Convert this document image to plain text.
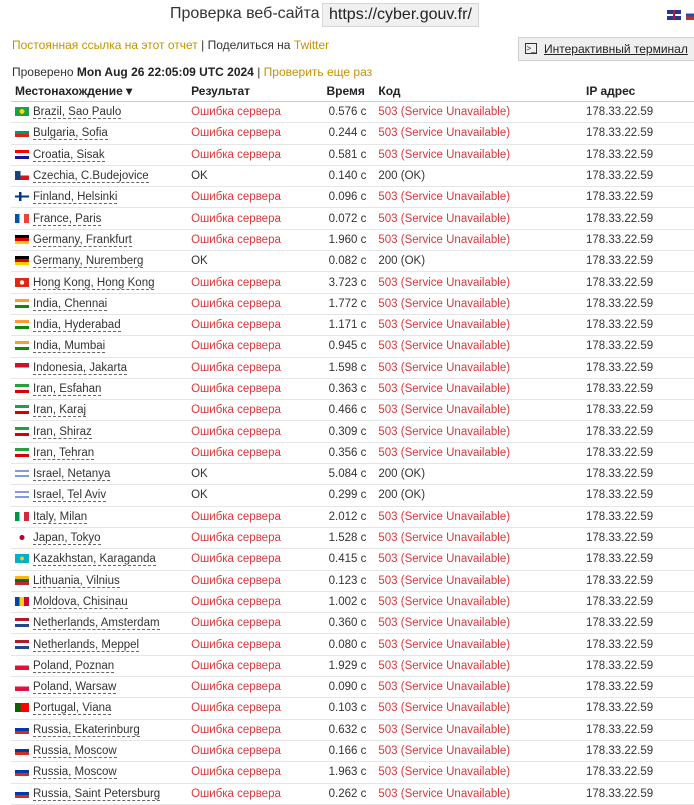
Проверка веб-сайта https://cyber.gouv.fr/
Постоянная ссылка на этот отчет | Поделиться на Twitter	>_ Интерактивный терминал
Проверено Mon Aug 26 22:05:09 UTC 2024 | Проверить еще раз
Местонахождение ▾	Результат	Время	Код	IP адрес
Brazil, Sao Paulo	Ошибка сервера	0.576 с	503 (Service Unavailable)	178.33.22.59
Bulgaria, Sofia	Ошибка сервера	0.244 с	503 (Service Unavailable)	178.33.22.59
Croatia, Sisak	Ошибка сервера	0.581 с	503 (Service Unavailable)	178.33.22.59
Czechia, C.Budejovice	OK	0.140 с	200 (OK)	178.33.22.59
Finland, Helsinki	Ошибка сервера	0.096 с	503 (Service Unavailable)	178.33.22.59
France, Paris	Ошибка сервера	0.072 с	503 (Service Unavailable)	178.33.22.59
Germany, Frankfurt	Ошибка сервера	1.960 с	503 (Service Unavailable)	178.33.22.59
Germany, Nuremberg	OK	0.082 с	200 (OK)	178.33.22.59
Hong Kong, Hong Kong	Ошибка сервера	3.723 с	503 (Service Unavailable)	178.33.22.59
India, Chennai	Ошибка сервера	1.772 с	503 (Service Unavailable)	178.33.22.59
India, Hyderabad	Ошибка сервера	1.171 с	503 (Service Unavailable)	178.33.22.59
India, Mumbai	Ошибка сервера	0.945 с	503 (Service Unavailable)	178.33.22.59
Indonesia, Jakarta	Ошибка сервера	1.598 с	503 (Service Unavailable)	178.33.22.59
Iran, Esfahan	Ошибка сервера	0.363 с	503 (Service Unavailable)	178.33.22.59
Iran, Karaj	Ошибка сервера	0.466 с	503 (Service Unavailable)	178.33.22.59
Iran, Shiraz	Ошибка сервера	0.309 с	503 (Service Unavailable)	178.33.22.59
Iran, Tehran	Ошибка сервера	0.356 с	503 (Service Unavailable)	178.33.22.59
Israel, Netanya	OK	5.084 с	200 (OK)	178.33.22.59
Israel, Tel Aviv	OK	0.299 с	200 (OK)	178.33.22.59
Italy, Milan	Ошибка сервера	2.012 с	503 (Service Unavailable)	178.33.22.59
Japan, Tokyo	Ошибка сервера	1.528 с	503 (Service Unavailable)	178.33.22.59
Kazakhstan, Karaganda	Ошибка сервера	0.415 с	503 (Service Unavailable)	178.33.22.59
Lithuania, Vilnius	Ошибка сервера	0.123 с	503 (Service Unavailable)	178.33.22.59
Moldova, Chisinau	Ошибка сервера	1.002 с	503 (Service Unavailable)	178.33.22.59
Netherlands, Amsterdam	Ошибка сервера	0.360 с	503 (Service Unavailable)	178.33.22.59
Netherlands, Meppel	Ошибка сервера	0.080 с	503 (Service Unavailable)	178.33.22.59
Poland, Poznan	Ошибка сервера	1.929 с	503 (Service Unavailable)	178.33.22.59
Poland, Warsaw	Ошибка сервера	0.090 с	503 (Service Unavailable)	178.33.22.59
Portugal, Viana	Ошибка сервера	0.103 с	503 (Service Unavailable)	178.33.22.59
Russia, Ekaterinburg	Ошибка сервера	0.632 с	503 (Service Unavailable)	178.33.22.59
Russia, Moscow	Ошибка сервера	0.166 с	503 (Service Unavailable)	178.33.22.59
Russia, Moscow	Ошибка сервера	1.963 с	503 (Service Unavailable)	178.33.22.59
Russia, Saint Petersburg	Ошибка сервера	0.262 с	503 (Service Unavailable)	178.33.22.59
